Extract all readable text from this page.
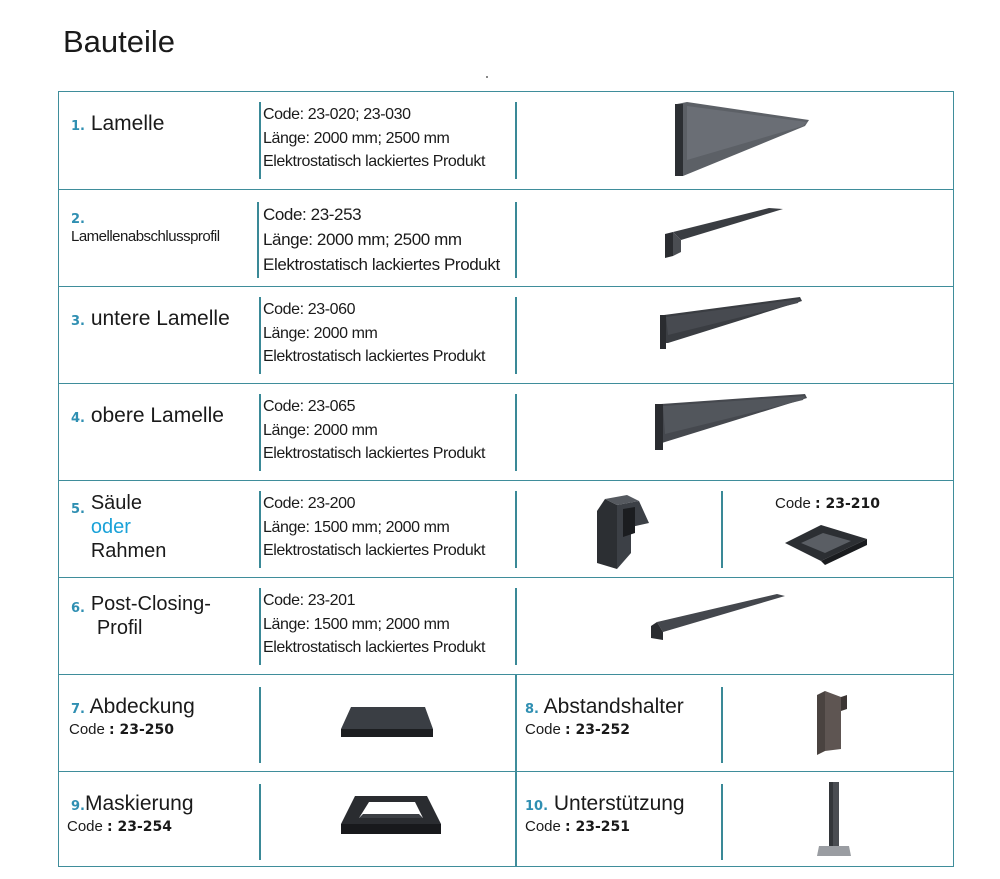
Bauteile
1. Lamelle	Code: 23-020; 23-030
Länge: 2000 mm; 2500 mm
Elektrostatisch lackiertes Produkt
2.
Lamellenabschlussprofil
Code: 23-253
Länge: 2000 mm; 2500 mm
Elektrostatisch lackiertes Produkt
3. untere Lamelle Code: 23-060
Länge: 2000 mm
Elektrostatisch lackiertes Produkt
4. obere Lamelle Code: 23-065
Länge: 2000 mm
Elektrostatisch lackiertes Produkt
$^{5.}$ Säule
oder
Rahmen
Code: 23-200
Länge: 1500 mm; 2000 mm
Elektrostatisch lackiertes Produkt
Code : 23-210
$^{6.}$ Post-Closing-
Profil
Code: 23-201
Länge: 1500 mm; 2000 mm
Elektrostatisch lackiertes Produkt
7. Abdeckung
Code : 23-250
8. Abstandshalter
Code : 23-252
9.Maskierung
Code : 23-254
10. Unterstützung
Code : 23-251
